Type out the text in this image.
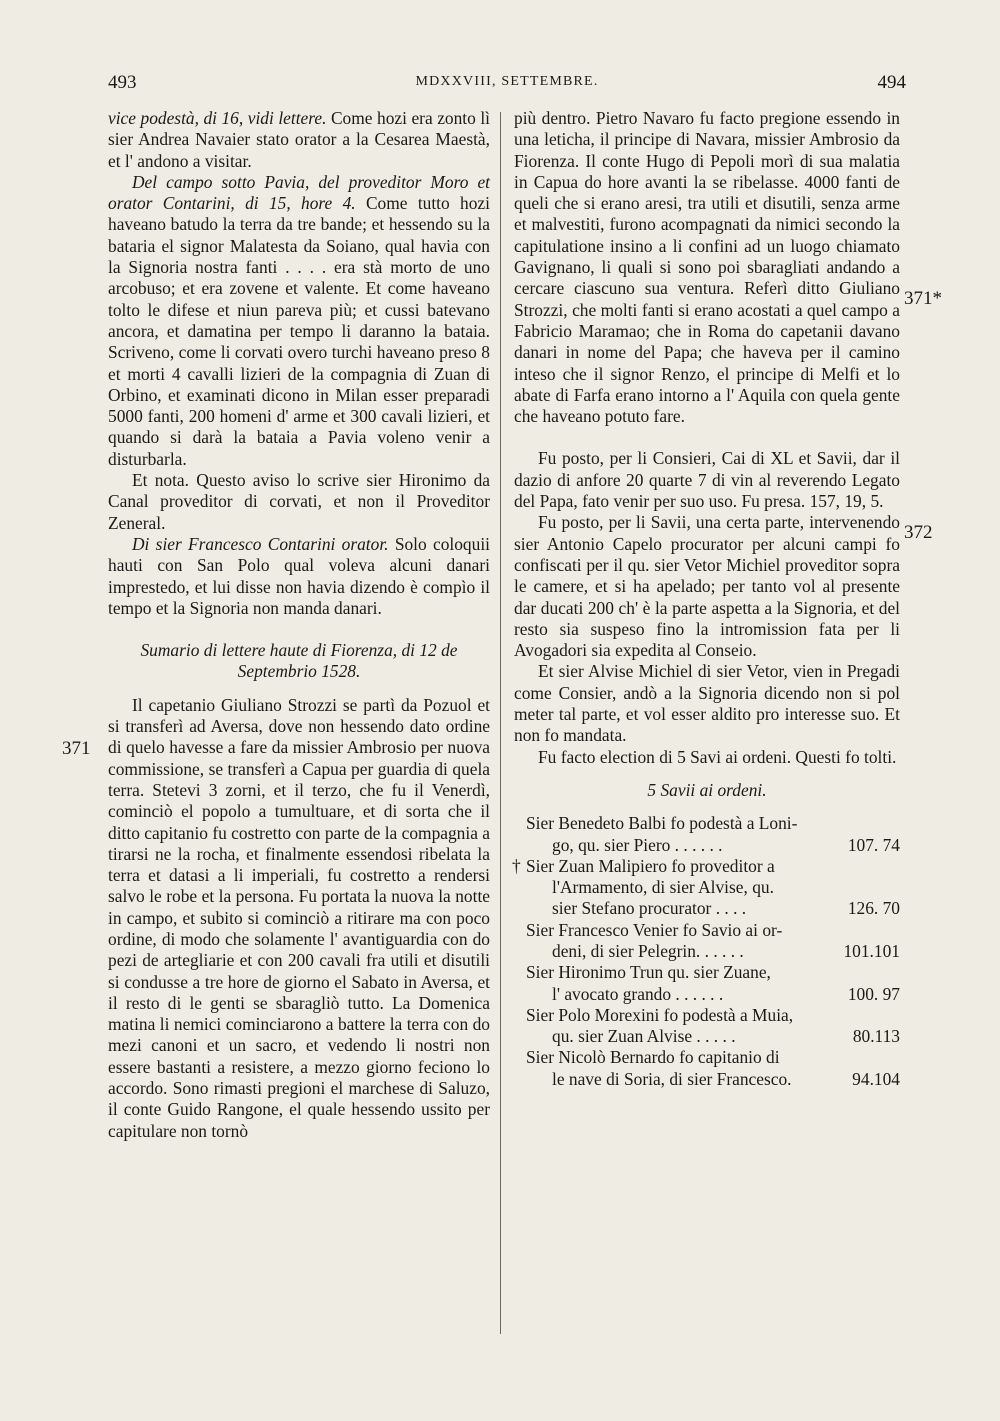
493	MDXXVIII, SETTEMBRE.	494
371
371*
372

vice podestà, di 16, vidi lettere. Come hozi era zonto lì sier Andrea Navaier stato orator a la Cesarea Maestà, et l' andono a visitar.

Del campo sotto Pavia, del proveditor Moro et orator Contarini, di 15, hore 4. Come tutto hozi haveano batudo la terra da tre bande; et hessendo su la bataria el signor Malatesta da Soiano, qual havia con la Signoria nostra fanti . . . . era stà morto de uno arcobuso; et era zovene et valente. Et come haveano tolto le difese et niun pareva più; et cussi batevano ancora, et damatina per tempo li daranno la bataia. Scriveno, come li corvati overo turchi haveano preso 8 et morti 4 cavalli lizieri de la compagnia di Zuan di Orbino, et examinati dicono in Milan esser preparadi 5000 fanti, 200 homeni d' arme et 300 cavali lizieri, et quando si darà la bataia a Pavia voleno venir a disturbarla.

Et nota. Questo aviso lo scrive sier Hironimo da Canal proveditor di corvati, et non il Proveditor Zeneral.

Di sier Francesco Contarini orator. Solo coloquii hauti con San Polo qual voleva alcuni danari imprestedo, et lui disse non havia dizendo è compìo il tempo et la Signoria non manda danari.

Sumario di lettere haute di Fiorenza, di 12 de Septembrio 1528.

Il capetanio Giuliano Strozzi se partì da Pozuol et si transferì ad Aversa, dove non hessendo dato ordine di quelo havesse a fare da missier Ambrosio per nuova commissione, se transferì a Capua per guardia di quela terra. Stetevi 3 zorni, et il terzo, che fu il Venerdì, cominciò el popolo a tumultuare, et di sorta che il ditto capitanio fu costretto con parte de la compagnia a tirarsi ne la rocha, et finalmente essendosi ribelata la terra et datasi a li imperiali, fu costretto a rendersi salvo le robe et la persona. Fu portata la nuova la notte in campo, et subito si cominciò a ritirare ma con poco ordine, di modo che solamente l' avantiguardia con do pezi de artegliarie et con 200 cavali fra utili et disutili si condusse a tre hore de giorno el Sabato in Aversa, et il resto di le genti se sbaragliò tutto. La Domenica matina li nemici cominciarono a battere la terra con do mezi canoni et un sacro, et vedendo li nostri non essere bastanti a resistere, a mezzo giorno feciono lo accordo. Sono rimasti pregioni el marchese di Saluzo, il conte Guido Rangone, el quale hessendo ussito per capitulare non tornò

più dentro. Pietro Navaro fu facto pregione essendo in una leticha, il principe di Navara, missier Ambrosio da Fiorenza. Il conte Hugo di Pepoli morì di sua malatia in Capua do hore avanti la se ribelasse. 4000 fanti de queli che si erano aresi, tra utili et disutili, senza arme et malvestiti, furono acompagnati da nimici secondo la capitulatione insino a li confini ad un luogo chiamato Gavignano, li quali si sono poi sbaragliati andando a cercare ciascuno sua ventura. Referì ditto Giuliano Strozzi, che molti fanti si erano acostati a quel campo a Fabricio Maramao; che in Roma do capetanii davano danari in nome del Papa; che haveva per il camino inteso che il signor Renzo, el principe di Melfi et lo abate di Farfa erano intorno a l' Aquila con quela gente che haveano potuto fare.

Fu posto, per li Consieri, Cai di XL et Savii, dar il dazio di anfore 20 quarte 7 di vin al reverendo Legato del Papa, fato venir per suo uso. Fu presa. 157, 19, 5.

Fu posto, per li Savii, una certa parte, intervenendo sier Antonio Capelo procurator per alcuni campi fo confiscati per il qu. sier Vetor Michiel proveditor sopra le camere, et si ha apelado; per tanto vol al presente dar ducati 200 ch' è la parte aspetta a la Signoria, et del resto sia suspeso fino la intromission fata per li Avogadori sia expedita al Conseio.

Et sier Alvise Michiel di sier Vetor, vien in Pregadi come Consier, andò a la Signoria dicendo non si pol meter tal parte, et vol esser aldito pro interesse suo. Et non fo mandata.

Fu facto election di 5 Savi ai ordeni. Questi fo tolti.

5 Savii ai ordeni.

Sier Benedeto Balbi fo podestà a Loni-
go, qu. sier Piero . . . . . .	107. 74
† Sier Zuan Malipiero fo proveditor a
l'Armamento, di sier Alvise, qu.
sier Stefano procurator . . . .	126. 70
Sier Francesco Venier fo Savio ai or-
deni, di sier Pelegrin. . . . . .	101.101
Sier Hironimo Trun qu. sier Zuane,
l' avocato grando . . . . . .	100. 97
Sier Polo Morexini fo podestà a Muia,
qu. sier Zuan Alvise . . . . .	80.113
Sier Nicolò Bernardo fo capitanio di
le nave di Soria, di sier Francesco.	94.104
